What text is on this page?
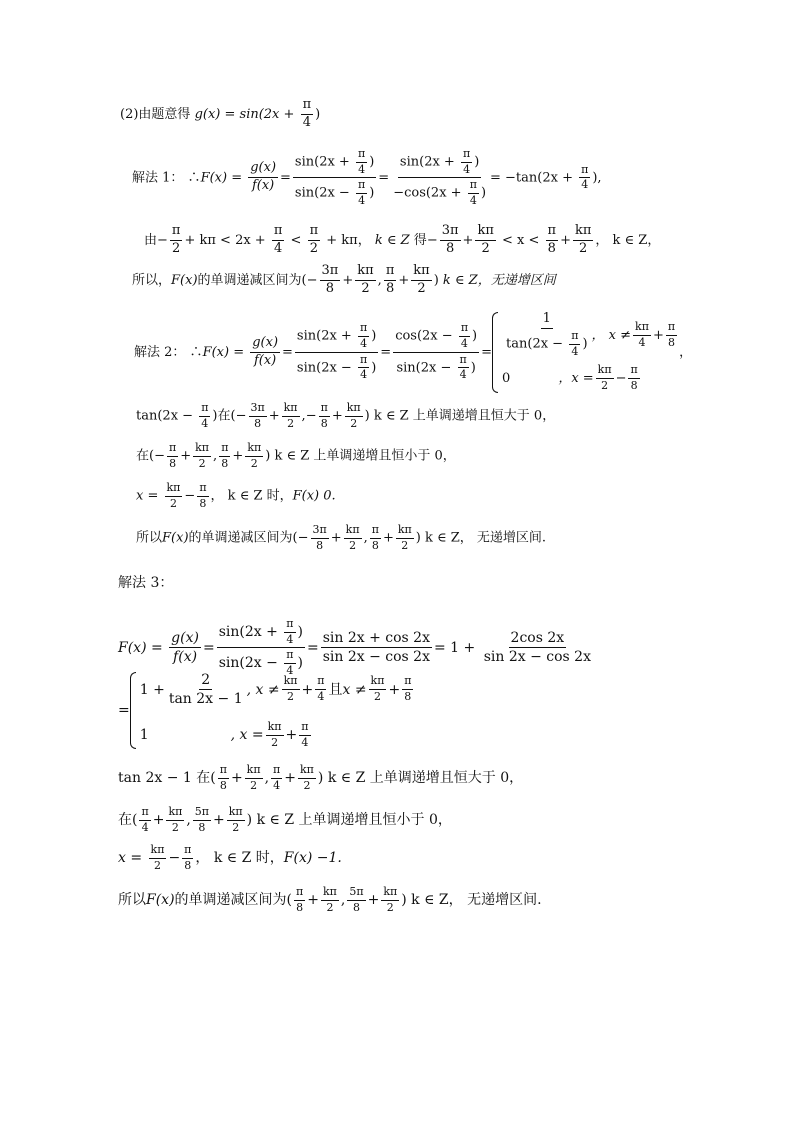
(2)由题意得 $g(x) = \sin(2x + \frac{\pi}{4}$ )
解法 1： ∴F(x) = $\frac{g(x)}{f(x)} = \frac{\sin(2x + \frac{\pi}{4} )}{\sin(2x - \frac{\pi}{4} )} = \frac{\sin(2x + \frac{\pi}{4} )}{-\cos(2x + \frac{\pi}{4} )} = -\tan(2x + \frac{\pi}{4}$ ),
由− $\frac{\pi}{2} + k\pi < 2x + \frac{\pi}{4} < \frac{\pi}{2} + k\pi$， k ∈ Z 得− $\frac{3\pi}{8} + \frac{k\pi}{2} < x < \frac{\pi}{8} + \frac{k\pi}{2}$ ， k ∈ Z，
所以，F(x)的单调递减区间为(− $\frac{3\pi}{8} + \frac{k\pi}{2}$ , $\frac{\pi}{8} + \frac{k\pi}{2}$ ) k ∈ Z，无递增区间
解法 2： ∴F(x) = $\frac{g(x)}{f(x)} = \frac{\sin(2x + \frac{\pi}{4} )}{\sin(2x - \frac{\pi}{4} )} = \frac{\cos(2x - \frac{\pi}{4} )}{\sin(2x - \frac{\pi}{4} )} = \frac{1}{\tan(2x - \frac{\pi}{4} )}$ ， $x \ne \frac{k\pi}{4} + \frac{\pi}{8}$
0	，$x = \frac{k\pi}{2} - \frac{\pi}{8}$
，
$\tan(2x - \frac{\pi}{4}$ )在(− $\frac{3\pi}{8} + \frac{k\pi}{2}$ ,− $\frac{\pi}{8} + \frac{k\pi}{2}$ ) k ∈ Z 上单调递增且恒大于 0，
在(− $\frac{\pi}{8} + \frac{k\pi}{2}$ , $\frac{\pi}{8} + \frac{k\pi}{2}$ ) k ∈ Z 上单调递增且恒小于 0，
$x = \frac{k\pi}{2} - \frac{\pi}{8}$ ， k ∈ Z 时，F(x) 0.
所以F(x)的单调递减区间为(− $\frac{3\pi}{8} + \frac{k\pi}{2}$ , $\frac{\pi}{8} + \frac{k\pi}{2}$ ) k ∈ Z， 无递增区间.
解法 3：
$F(x) = \frac{g(x)}{f(x)} = \frac{\sin(2x + \frac{\pi}{4} )}{\sin(2x - \frac{\pi}{4} )} = \frac{\sin 2x + \cos 2x}{\sin 2x - \cos 2x} = 1 + \frac{2\cos 2x}{\sin 2x - \cos 2x}$
=
$1 + \frac{2}{\tan 2x - 1}$ , $x \ne \frac{k\pi}{2} + \frac{\pi}{4}$ 且 $x \ne \frac{k\pi}{2} + \frac{\pi}{8}$
1	, $x = \frac{k\pi}{2} + \frac{\pi}{4}$
tan 2x − 1 在( $\frac{\pi}{8} + \frac{k\pi}{2}$ , $\frac{\pi}{4} + \frac{k\pi}{2}$ ) k ∈ Z 上单调递增且恒大于 0，
在( $\frac{\pi}{4} + \frac{k\pi}{2}$ , $\frac{5\pi}{8} + \frac{k\pi}{2}$ ) k ∈ Z 上单调递增且恒小于 0，
$x = \frac{k\pi}{2} - \frac{\pi}{8}$ ， k ∈ Z 时，F(x) −1.
所以F(x)的单调递减区间为( $\frac{\pi}{8} + \frac{k\pi}{2}$ , $\frac{5\pi}{8} + \frac{k\pi}{2}$ ) k ∈ Z， 无递增区间.
